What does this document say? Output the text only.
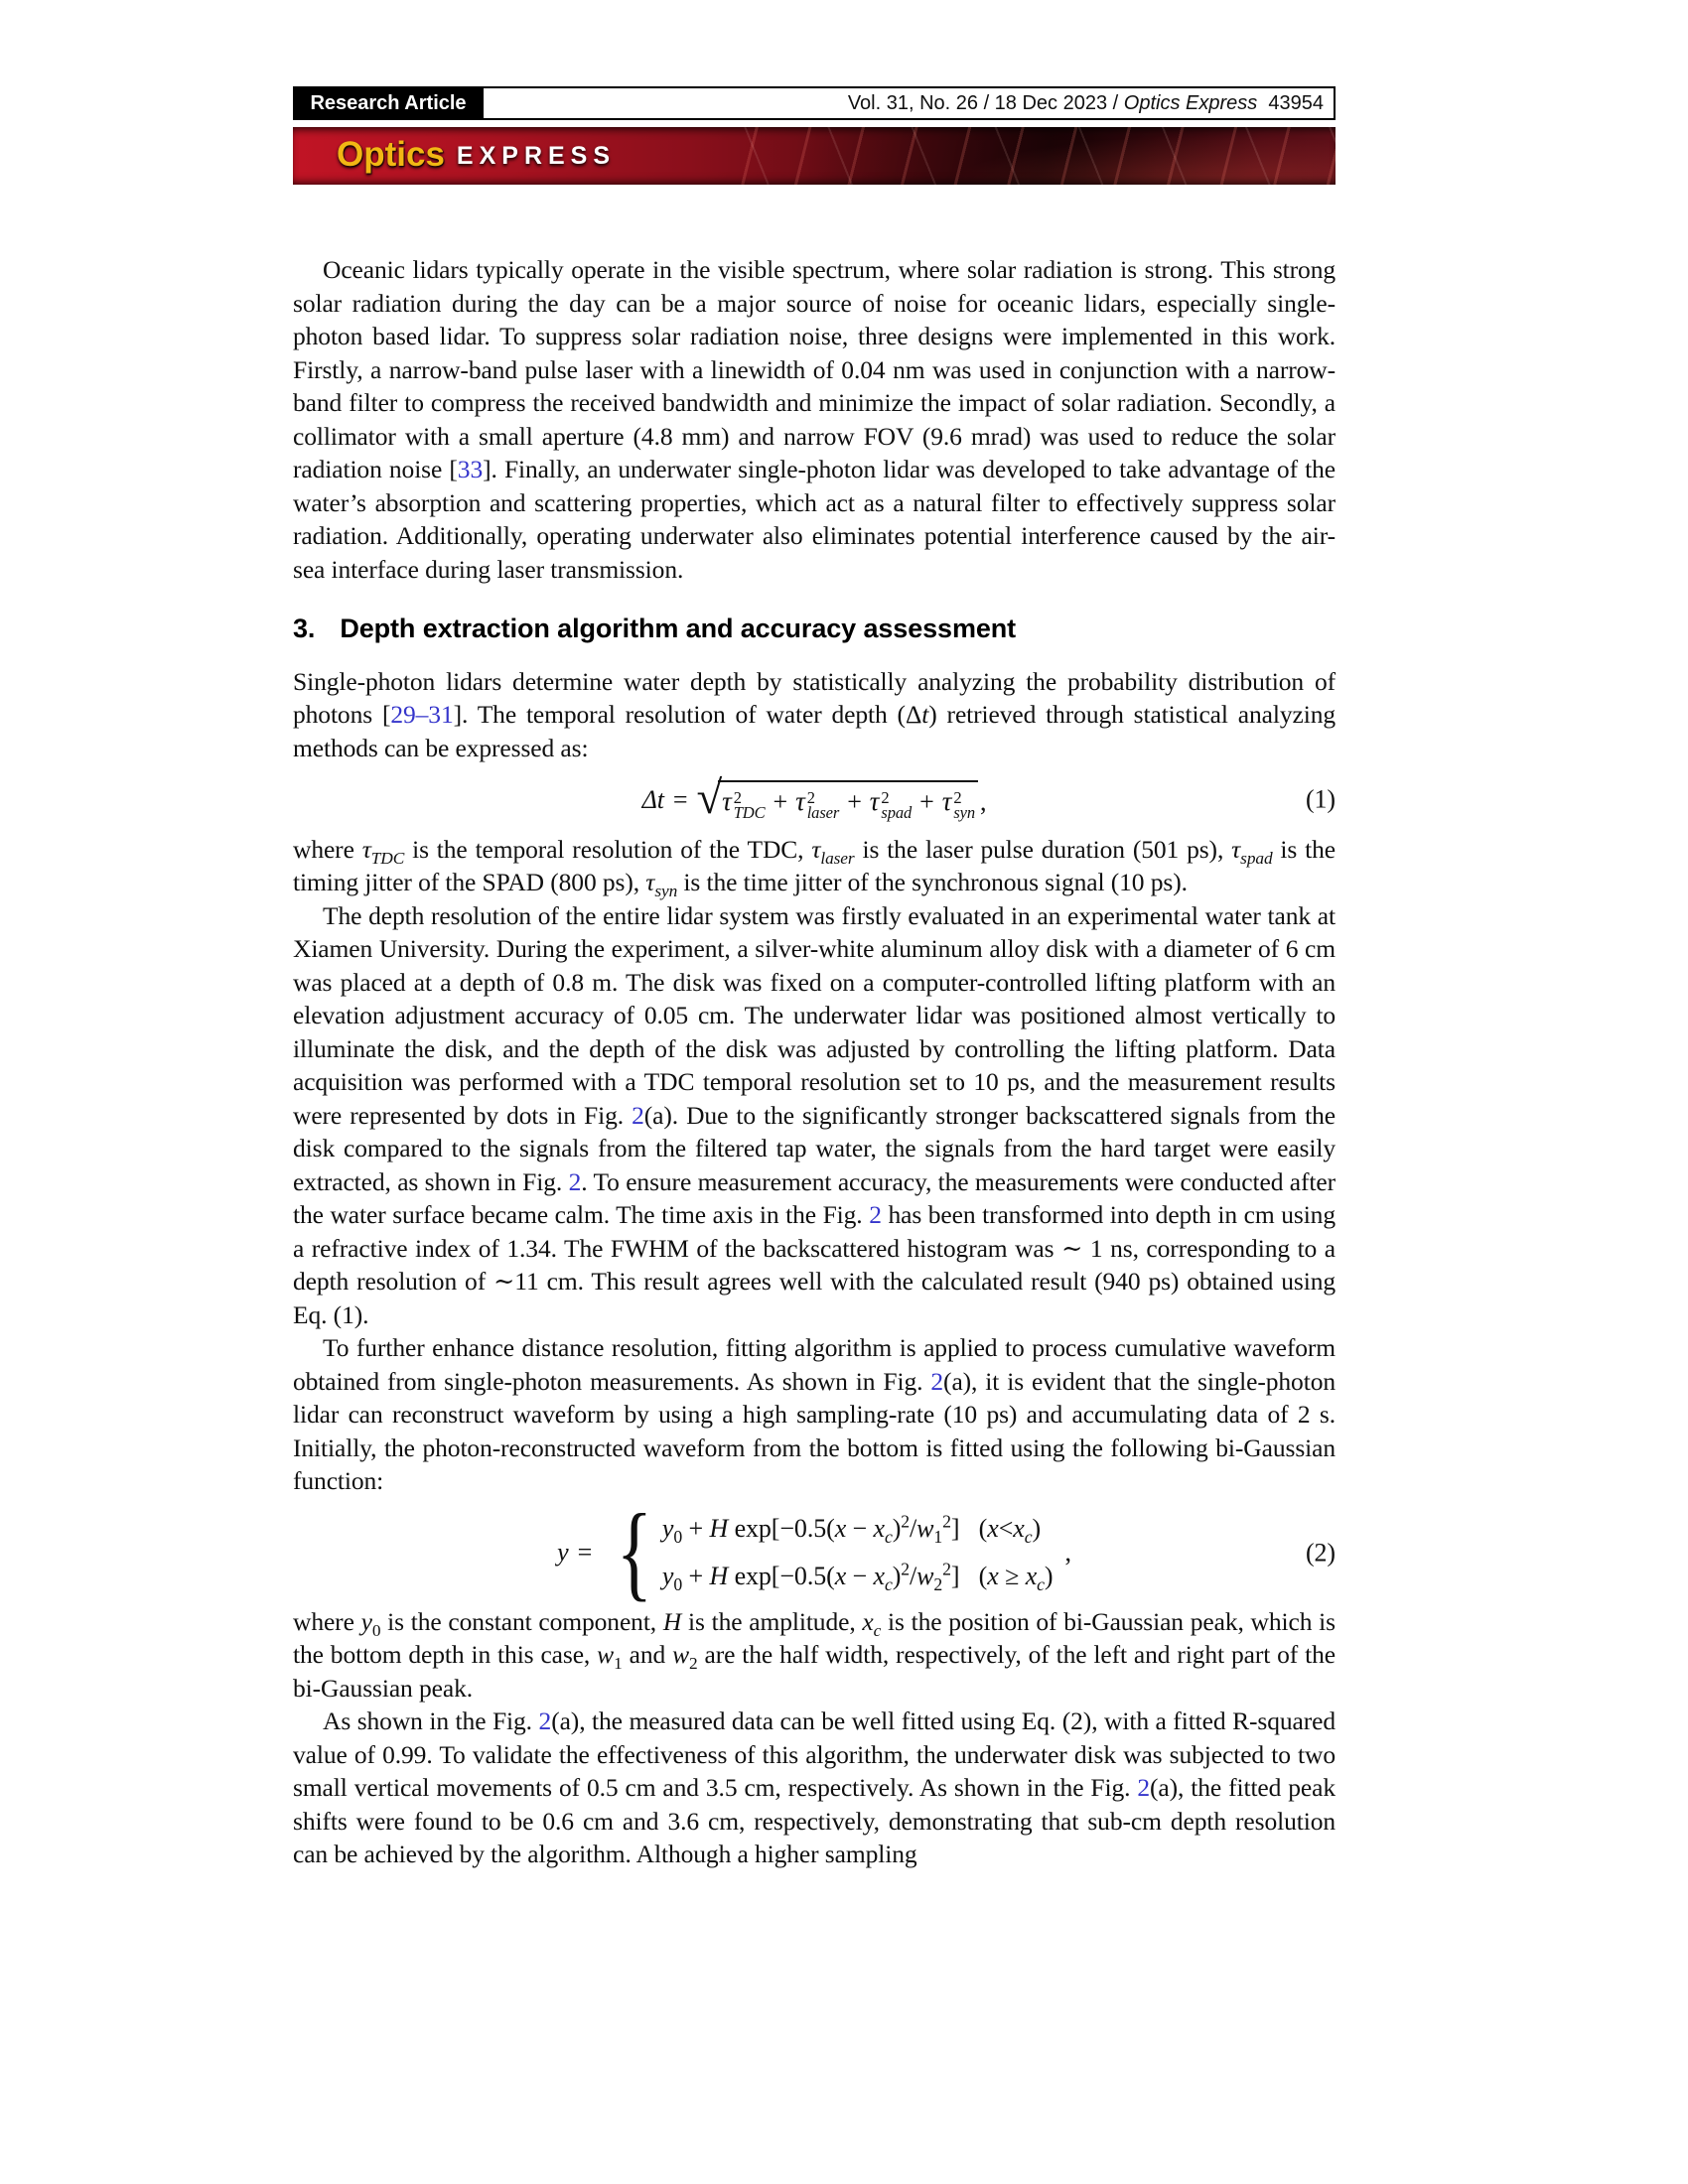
Research Article	Vol. 31, No. 26 / 18 Dec 2023 / Optics Express  43954
Optics EXPRESS

Oceanic lidars typically operate in the visible spectrum, where solar radiation is strong. This strong solar radiation during the day can be a major source of noise for oceanic lidars, especially single-photon based lidar. To suppress solar radiation noise, three designs were implemented in this work. Firstly, a narrow-band pulse laser with a linewidth of 0.04 nm was used in conjunction with a narrow-band filter to compress the received bandwidth and minimize the impact of solar radiation. Secondly, a collimator with a small aperture (4.8 mm) and narrow FOV (9.6 mrad) was used to reduce the solar radiation noise [33]. Finally, an underwater single-photon lidar was developed to take advantage of the water’s absorption and scattering properties, which act as a natural filter to effectively suppress solar radiation. Additionally, operating underwater also eliminates potential interference caused by the air-sea interface during laser transmission.

3. Depth extraction algorithm and accuracy assessment

Single-photon lidars determine water depth by statistically analyzing the probability distribution of photons [29–31]. The temporal resolution of water depth (Δt) retrieved through statistical analyzing methods can be expressed as:

Δt = √ τ 2
TDC + τ 2
laser + τ 2
spad + τ 2
syn ,	(1)

where $\tau_{TDC}$ is the temporal resolution of the TDC, $\tau_{laser}$ is the laser pulse duration (501 ps), $\tau_{spad}$ is the timing jitter of the SPAD (800 ps), $\tau_{syn}$ is the time jitter of the synchronous signal (10 ps).

The depth resolution of the entire lidar system was firstly evaluated in an experimental water tank at Xiamen University. During the experiment, a silver-white aluminum alloy disk with a diameter of 6 cm was placed at a depth of 0.8 m. The disk was fixed on a computer-controlled lifting platform with an elevation adjustment accuracy of 0.05 cm. The underwater lidar was positioned almost vertically to illuminate the disk, and the depth of the disk was adjusted by controlling the lifting platform. Data acquisition was performed with a TDC temporal resolution set to 10 ps, and the measurement results were represented by dots in Fig. 2(a). Due to the significantly stronger backscattered signals from the disk compared to the signals from the filtered tap water, the signals from the hard target were easily extracted, as shown in Fig. 2. To ensure measurement accuracy, the measurements were conducted after the water surface became calm. The time axis in the Fig. 2 has been transformed into depth in cm using a refractive index of 1.34. The FWHM of the backscattered histogram was ∼ 1 ns, corresponding to a depth resolution of ∼11 cm. This result agrees well with the calculated result (940 ps) obtained using Eq. (1).

To further enhance distance resolution, fitting algorithm is applied to process cumulative waveform obtained from single-photon measurements. As shown in Fig. 2(a), it is evident that the single-photon lidar can reconstruct waveform by using a high sampling-rate (10 ps) and accumulating data of 2 s. Initially, the photon-reconstructed waveform from the bottom is fitted using the following bi-Gaussian function:

y = { $y_0 + H$ $\exp[-0.5(x - x_c)^2/w_1^2]$   $(x<x_c)$
$y_0 + H$ $\exp[-0.5(x - x_c)^2/w_2^2]$   $(x \ge x_c)$
,	(2)

where $y_0$ is the constant component, H is the amplitude, $x_c$ is the position of bi-Gaussian peak, which is the bottom depth in this case, $w_1$ and $w_2$ are the half width, respectively, of the left and right part of the bi-Gaussian peak.

As shown in the Fig. 2(a), the measured data can be well fitted using Eq. (2), with a fitted R-squared value of 0.99. To validate the effectiveness of this algorithm, the underwater disk was subjected to two small vertical movements of 0.5 cm and 3.5 cm, respectively. As shown in the Fig. 2(a), the fitted peak shifts were found to be 0.6 cm and 3.6 cm, respectively, demonstrating that sub-cm depth resolution can be achieved by the algorithm. Although a higher sampling
